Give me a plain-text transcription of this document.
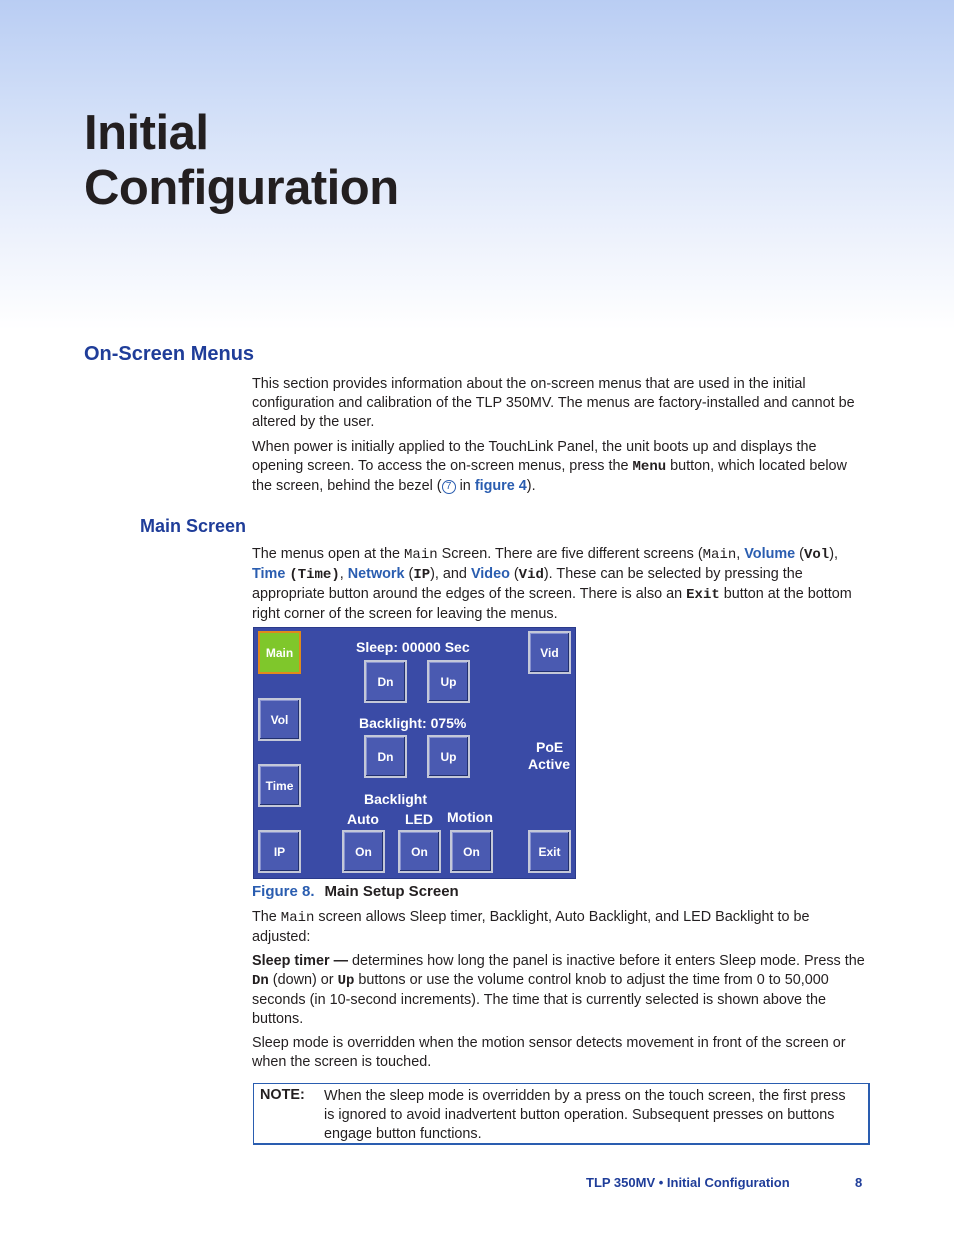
Initial
Configuration
On-Screen Menus

This section provides information about the on-screen menus that are used in the initial configuration and calibration of the TLP 350MV. The menus are factory-installed and cannot be altered by the user.

When power is initially applied to the TouchLink Panel, the unit boots up and displays the opening screen. To access the on-screen menus, press the Menu button, which located below the screen, behind the bezel ( 7 in figure 4).

Main Screen

The menus open at the Main Screen. There are five different screens (Main, Volume (Vol), Time (Time), Network (IP), and Video (Vid). These can be selected by pressing the appropriate button around the edges of the screen. There is also an Exit button at the bottom right corner of the screen for leaving the menus.

Main
Vol
Time
IP
Sleep: 00000 Sec
Dn	Up
Backlight: 075%
Dn	Up
Backlight
Auto LED Motion
On	On	On
Vid
PoE
Active
Exit
Figure 8. Main Setup Screen

The Main screen allows Sleep timer, Backlight, Auto Backlight, and LED Backlight to be adjusted:

Sleep timer — determines how long the panel is inactive before it enters Sleep mode. Press the Dn (down) or Up buttons or use the volume control knob to adjust the time from 0 to 50,000 seconds (in 10-second increments). The time that is currently selected is shown above the buttons.

Sleep mode is overridden when the motion sensor detects movement in front of the screen or when the screen is touched.

NOTE: When the sleep mode is overridden by a press on the touch screen, the first press is ignored to avoid inadvertent button operation. Subsequent presses on buttons engage button functions.
TLP 350MV • Initial Configuration	8
